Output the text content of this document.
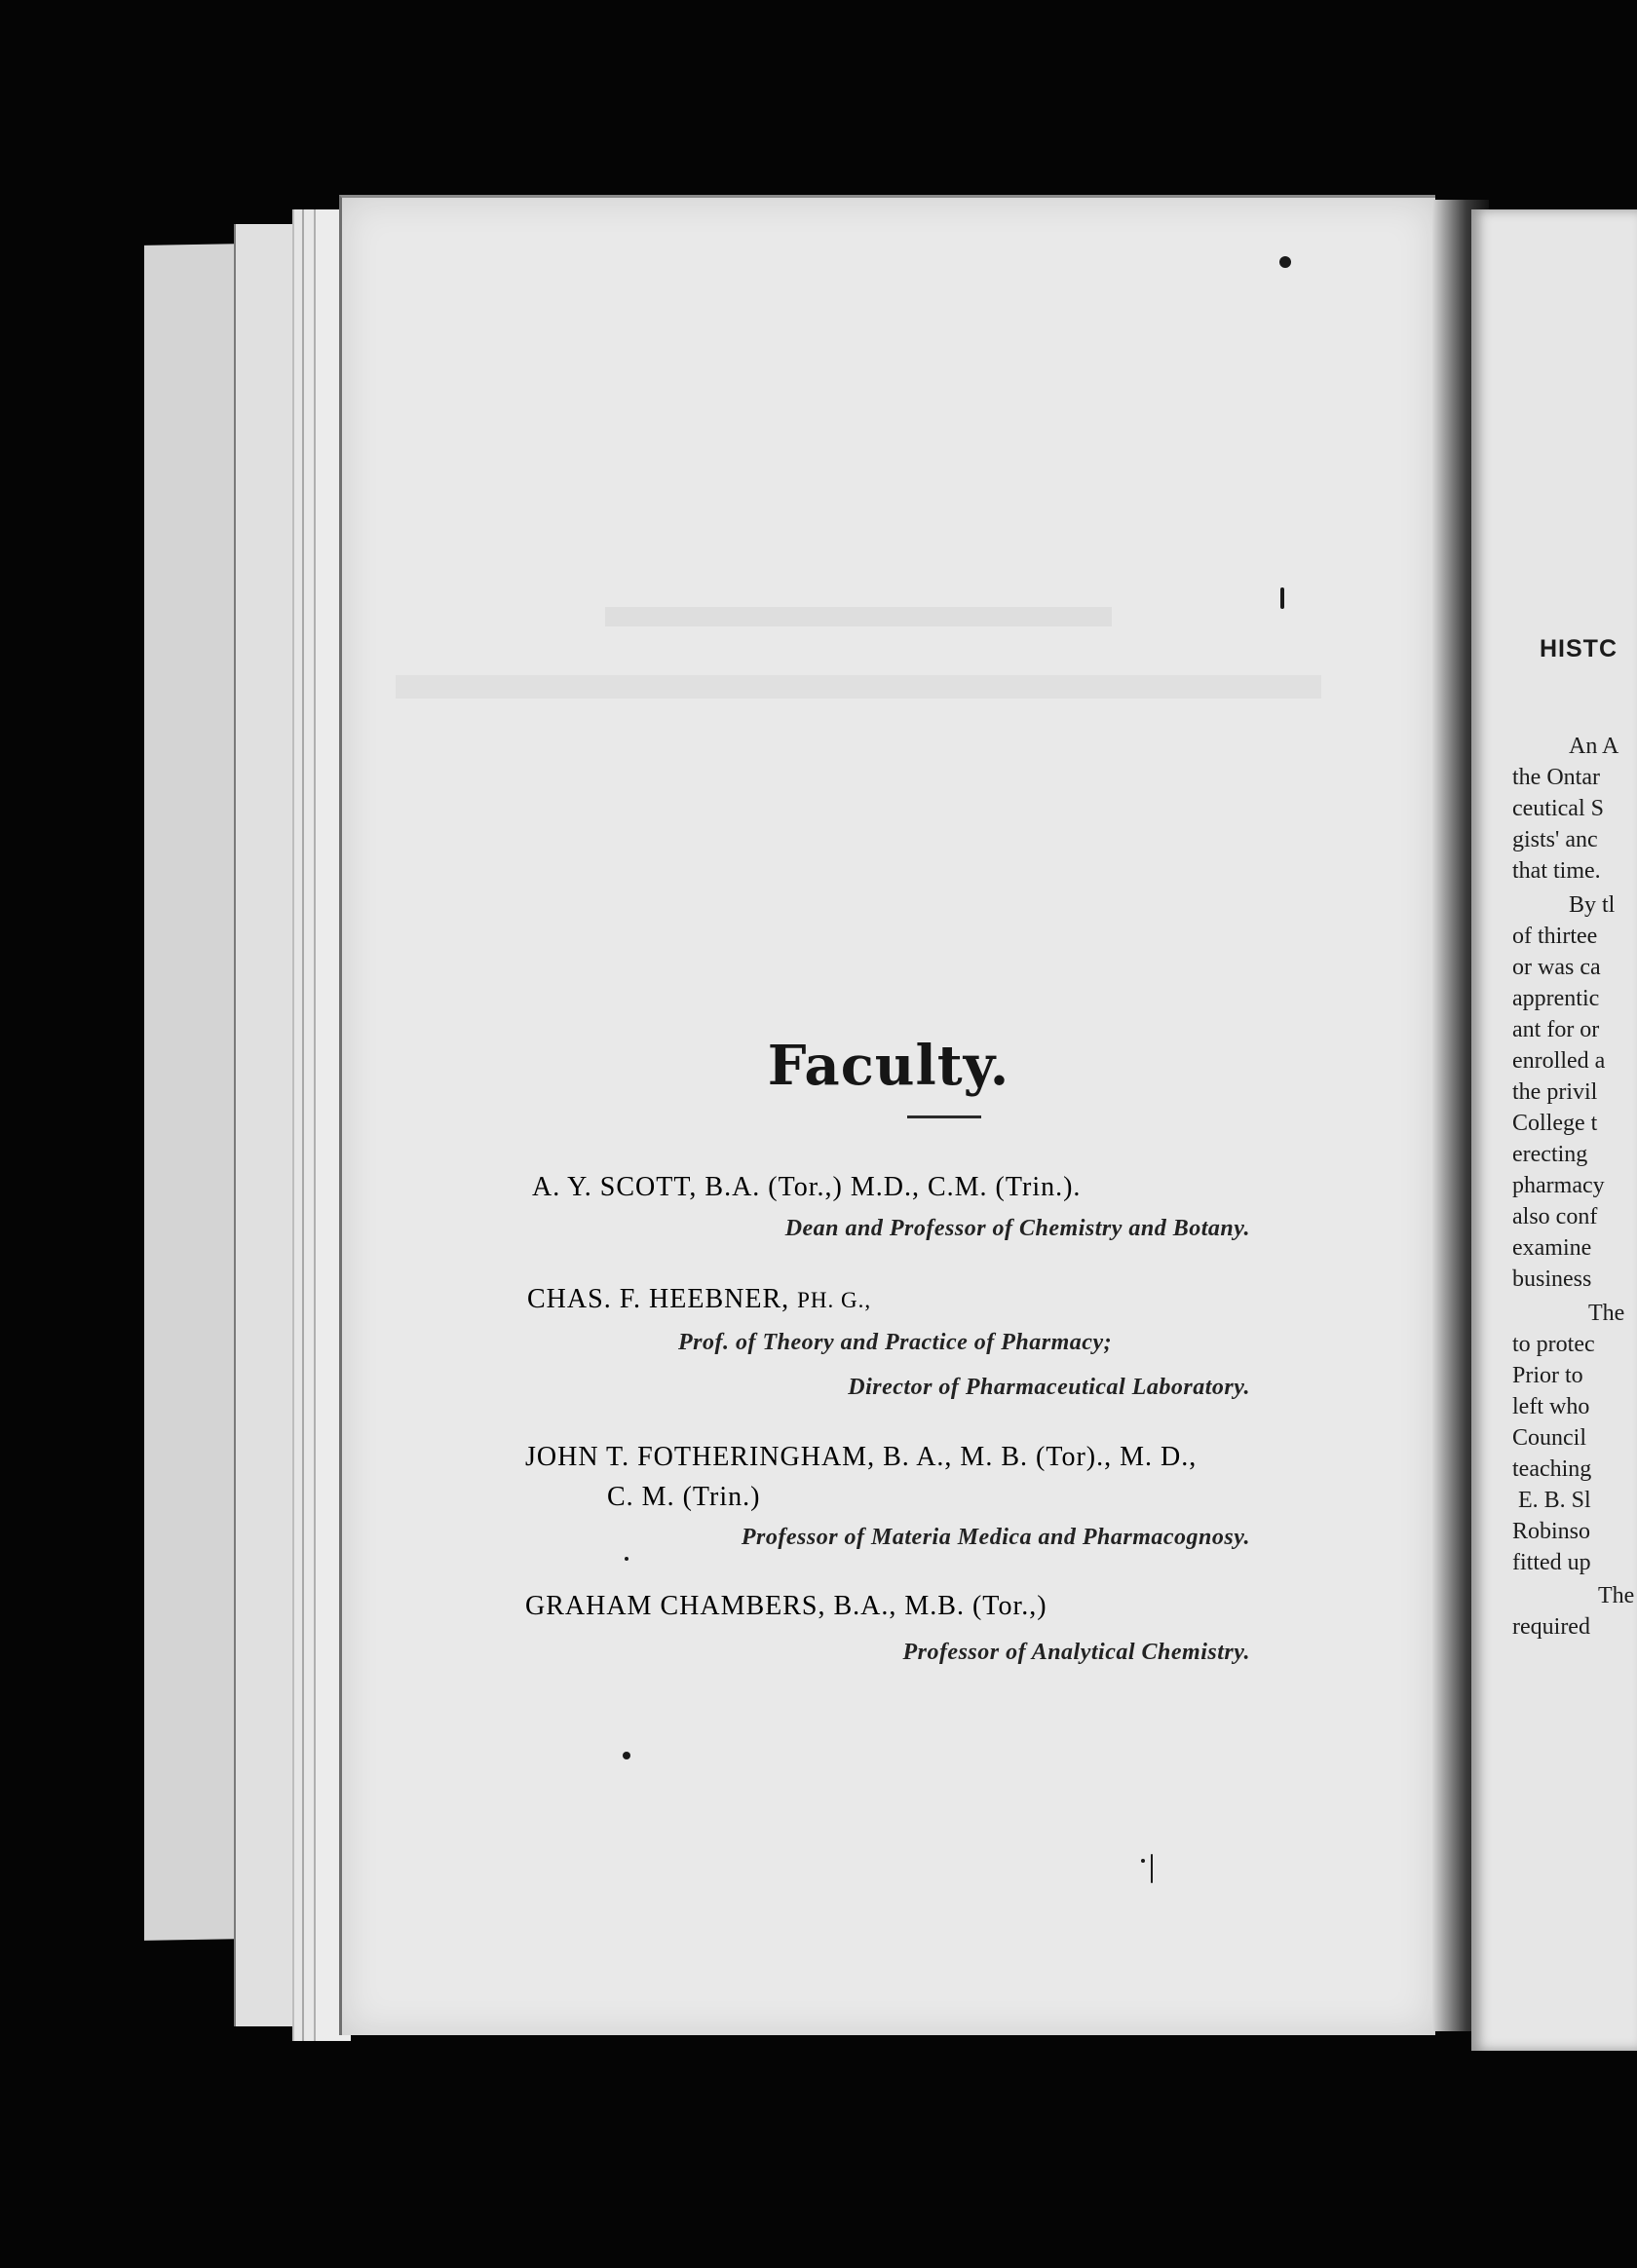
Faculty.
A. Y. SCOTT, B.A. (Tor.,) M.D., C.M. (Trin.).
Dean and Professor of Chemistry and Botany.
CHAS. F. HEEBNER, PH. G.,
Prof. of Theory and Practice of Pharmacy;
Director of Pharmaceutical Laboratory.
JOHN T. FOTHERINGHAM, B. A., M. B. (Tor)., M. D.,
C. M. (Trin.)
Professor of Materia Medica and Pharmacognosy.
GRAHAM CHAMBERS, B.A., M.B. (Tor.,)
Professor of Analytical Chemistry.
HISTC
An A
the Ontar
ceutical S
gists' anc
that time.
By tl
of thirtee
or was ca
apprentic
ant for or
enrolled a
the privil
College t
erecting
pharmacy
also conf
examine
business
The
to protec
Prior to
left who
Council
teaching
E. B. Sl
Robinso
fitted up
The
required
